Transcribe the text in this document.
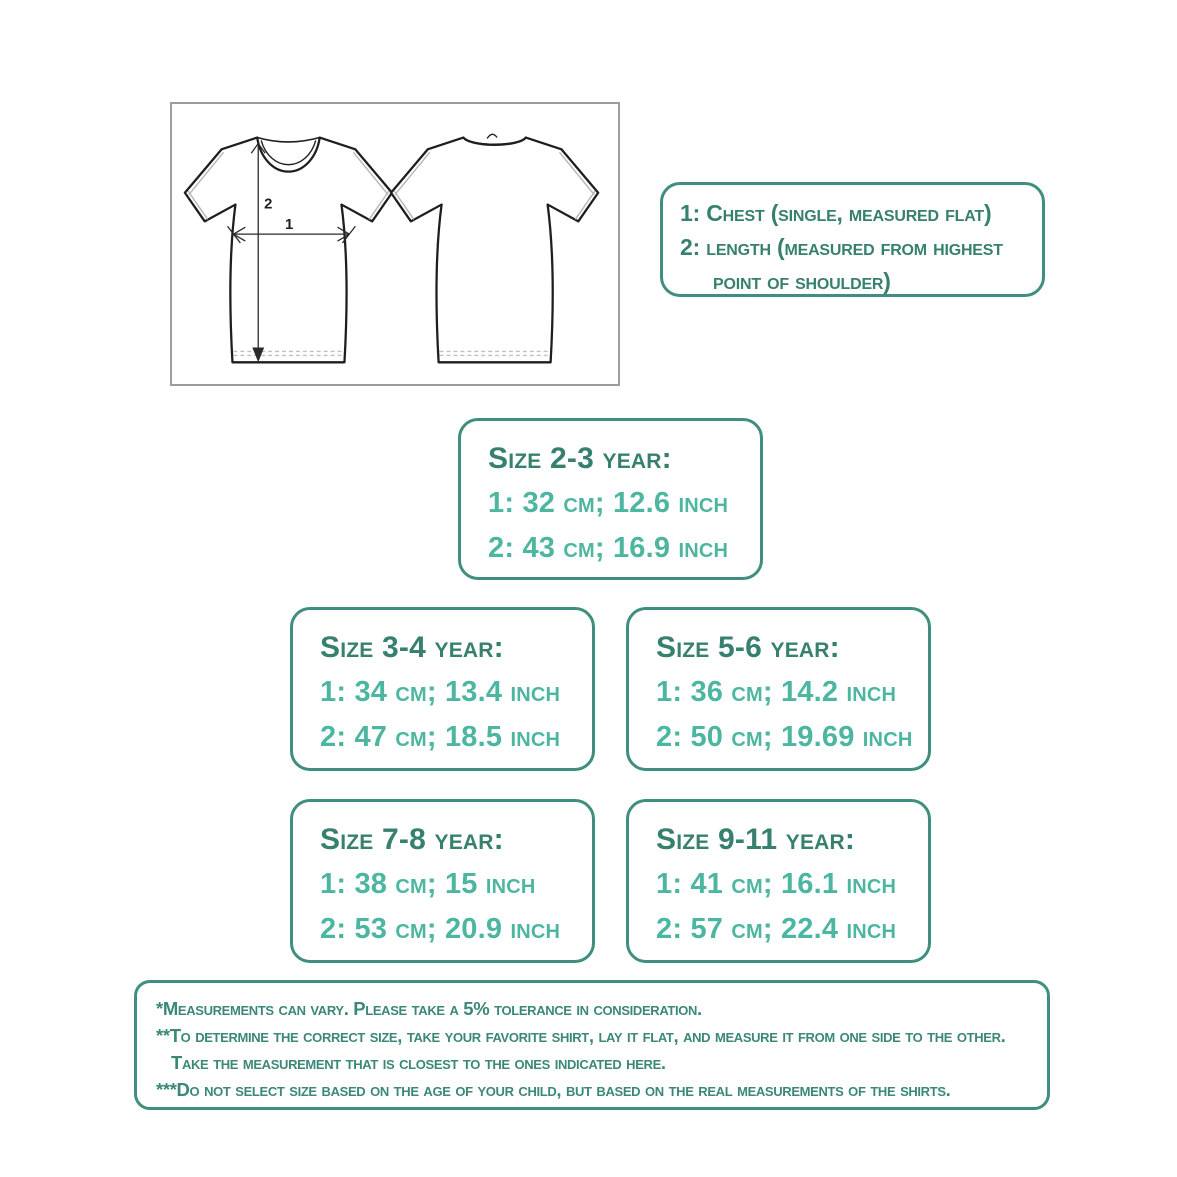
2
1	1: Chest (single, measured flat)
2: length (measured from highest
point of shoulder)
Size 2-3 year:
1: 32 cm; 12.6 inch
2: 43 cm; 16.9 inch
Size 3-4 year:
1: 34 cm; 13.4 inch
2: 47 cm; 18.5 inch
Size 5-6 year:
1: 36 cm; 14.2 inch
2: 50 cm; 19.69 inch
Size 7-8 year:
1: 38 cm; 15 inch
2: 53 cm; 20.9 inch
Size 9-11 year:
1: 41 cm; 16.1 inch
2: 57 cm; 22.4 inch
*Measurements can vary. Please take a 5% tolerance in consideration.
**To determine the correct size, take your favorite shirt, lay it flat, and measure it from one side to the other.
Take the measurement that is closest to the ones indicated here.
***Do not select size based on the age of your child, but based on the real measurements of the shirts.
